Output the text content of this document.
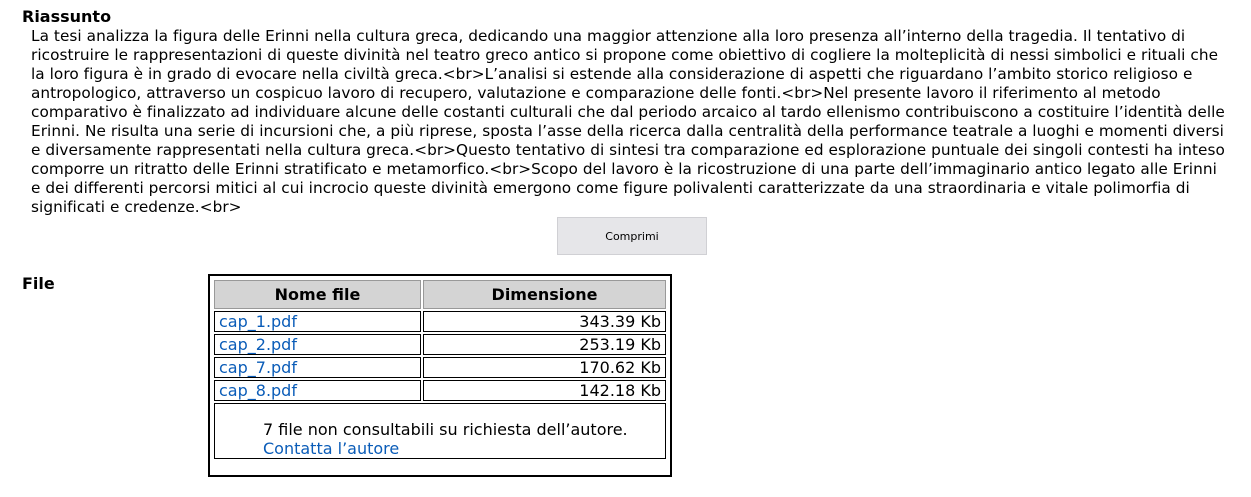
Riassunto

La tesi analizza la figura delle Erinni nella cultura greca, dedicando una maggior attenzione alla loro presenza all’interno della tragedia. Il tentativo di ricostruire le rappresentazioni di queste divinità nel teatro greco antico si propone come obiettivo di cogliere la molteplicità di nessi simbolici e rituali che la loro figura è in grado di evocare nella civiltà greca.<br>L’analisi si estende alla considerazione di aspetti che riguardano l’ambito storico religioso e antropologico, attraverso un cospicuo lavoro di recupero, valutazione e comparazione delle fonti.<br>Nel presente lavoro il riferimento al metodo comparativo è finalizzato ad individuare alcune delle costanti culturali che dal periodo arcaico al tardo ellenismo contribuiscono a costituire l’identità delle Erinni. Ne risulta una serie di incursioni che, a più riprese, sposta l’asse della ricerca dalla centralità della performance teatrale a luoghi e momenti diversi e diversamente rappresentati nella cultura greca.<br>Questo tentativo di sintesi tra comparazione ed esplorazione puntuale dei singoli contesti ha inteso comporre un ritratto delle Erinni stratificato e metamorfico.<br>Scopo del lavoro è la ricostruzione di una parte dell’immaginario antico legato alle Erinni e dei differenti percorsi mitici al cui incrocio queste divinità emergono come figure polivalenti caratterizzate da una straordinaria e vitale polimorfia di significati e credenze.<br>

Comprimi
File
Nome file	Dimensione
cap_1.pdf	343.39 Kb
cap_2.pdf	253.19 Kb
cap_7.pdf	170.62 Kb
cap_8.pdf	142.18 Kb

7 file non consultabili su richiesta dell’autore.
Contatta l’autore	
